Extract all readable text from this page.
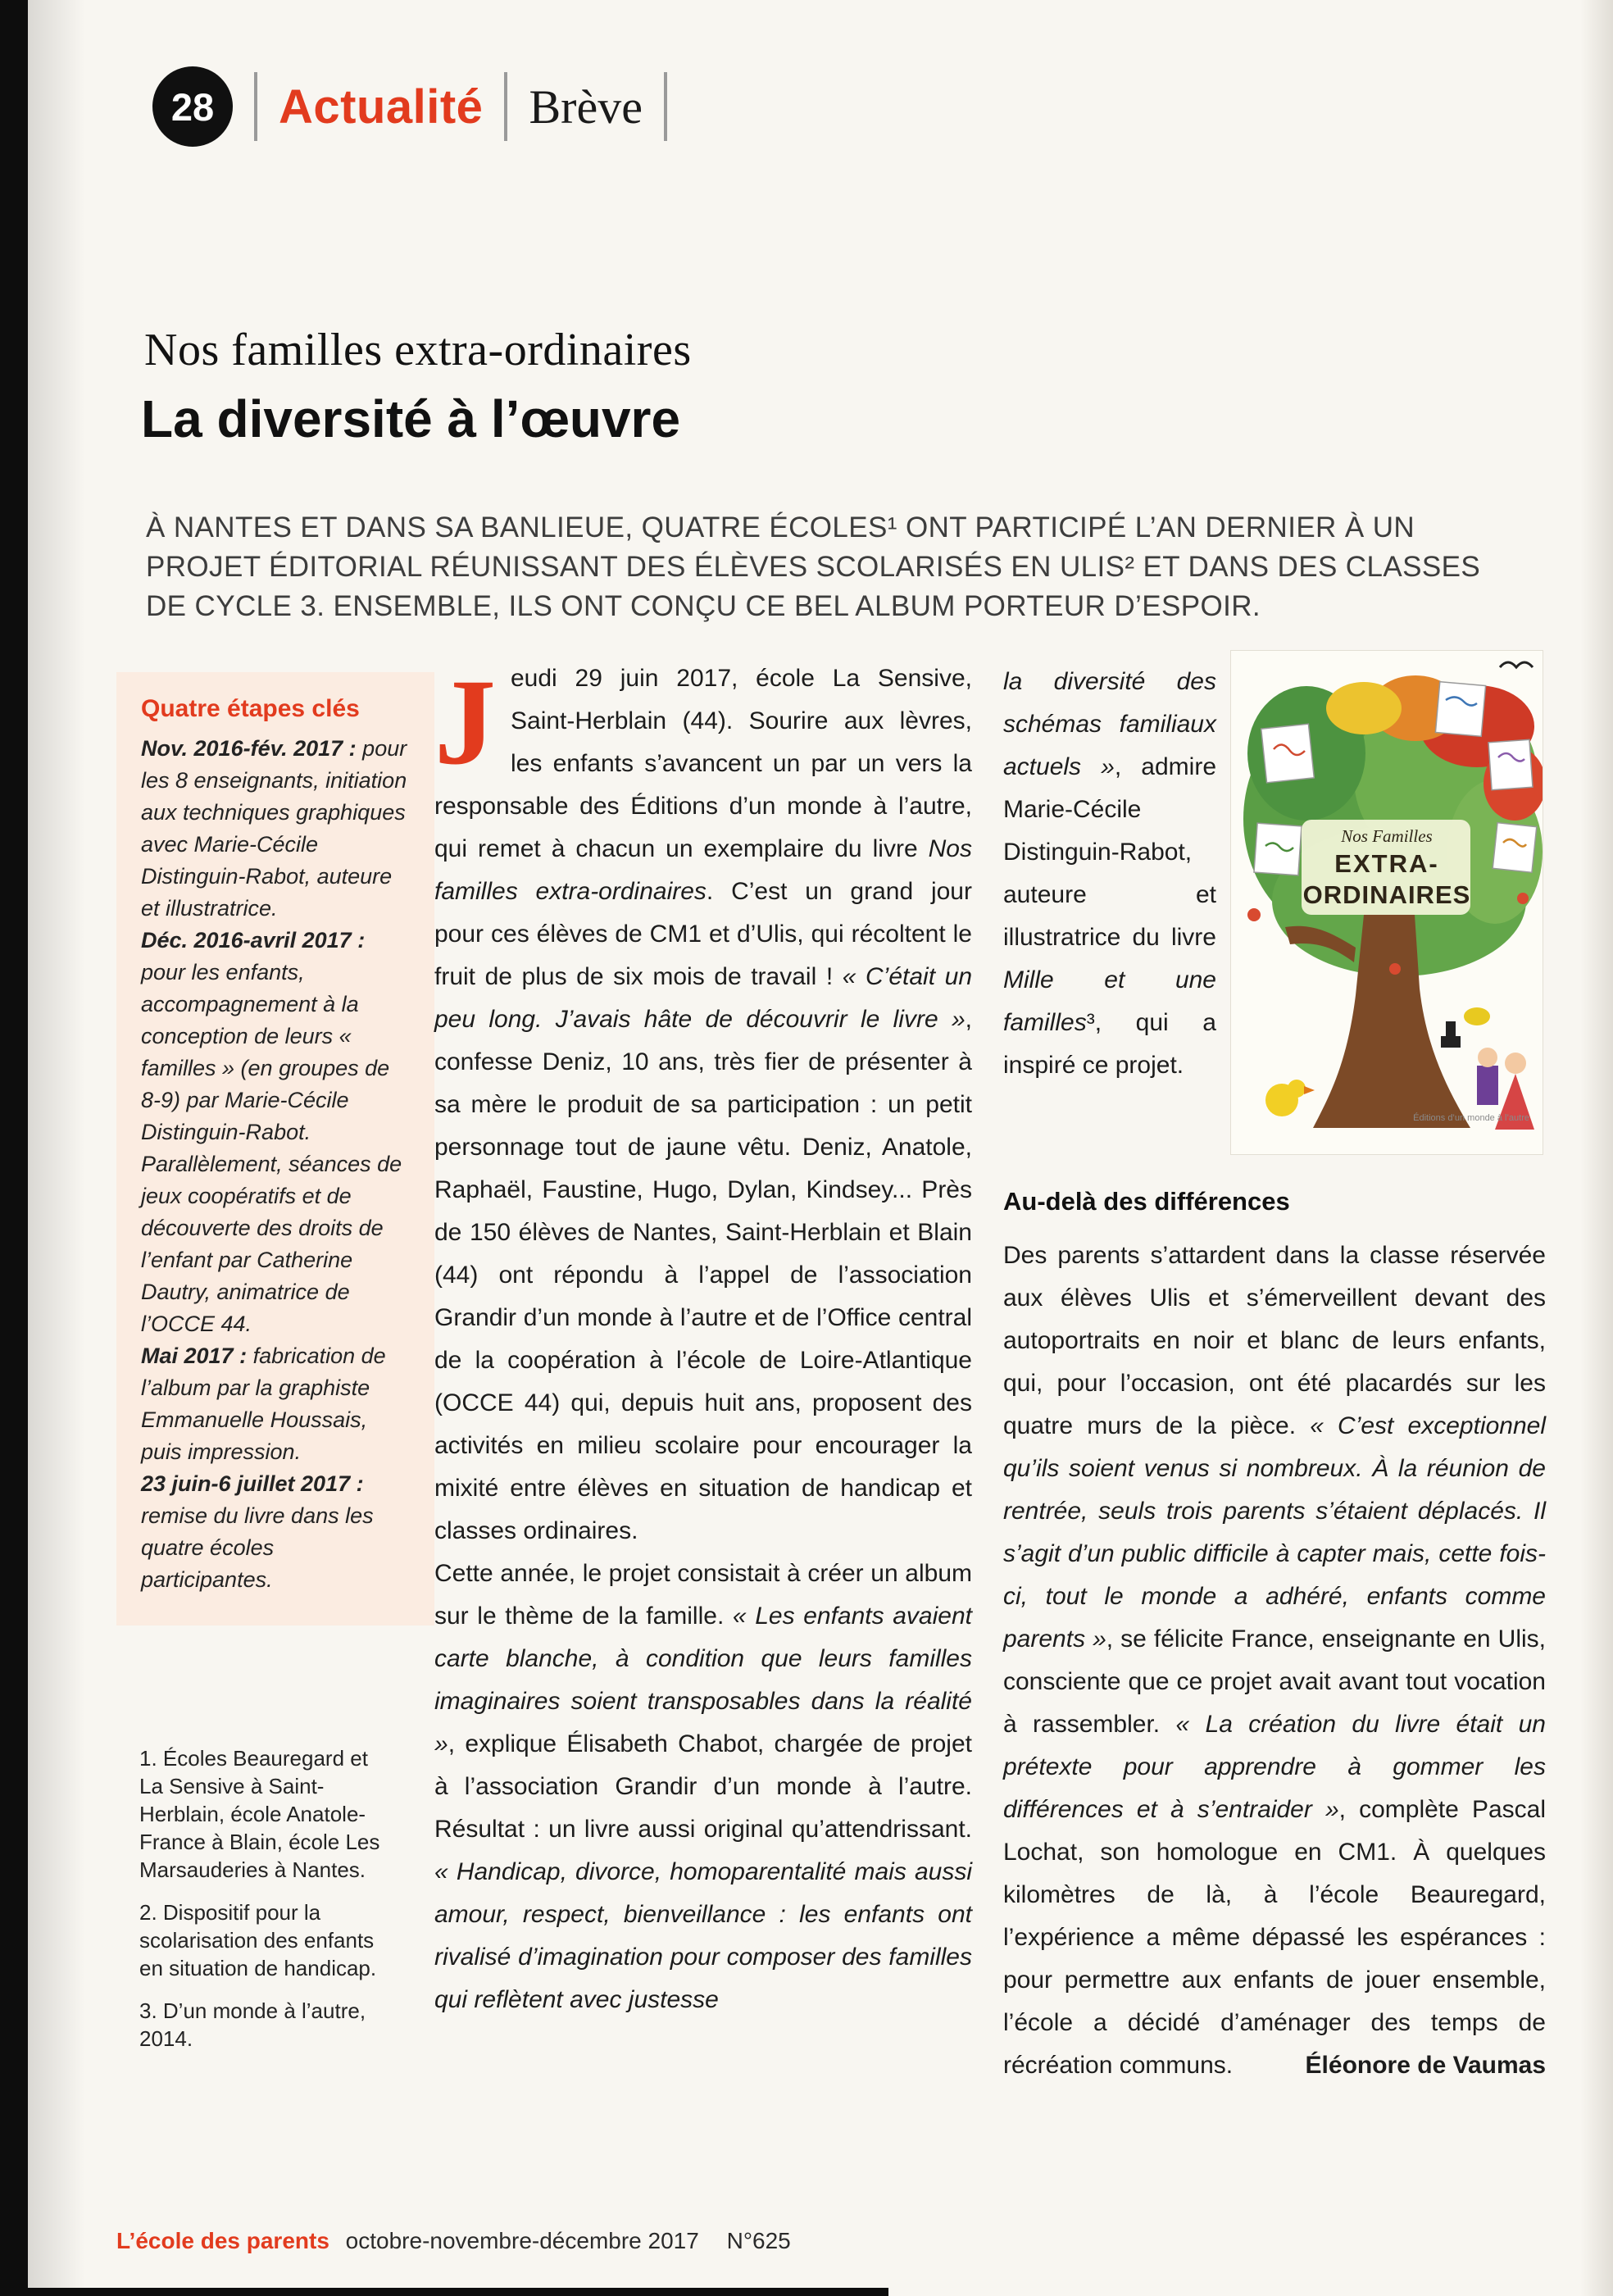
28	Actualité Brève
Nos familles extra-ordinaires
La diversité à l’œuvre
À NANTES ET DANS SA BANLIEUE, QUATRE ÉCOLES¹ ONT PARTICIPÉ L’AN DERNIER À UN PROJET ÉDITORIAL RÉUNISSANT DES ÉLÈVES SCOLARISÉS EN ULIS² ET DANS DES CLASSES DE CYCLE 3. ENSEMBLE, ILS ONT CONÇU CE BEL ALBUM PORTEUR D’ESPOIR.
Quatre étapes clés
Nov. 2016-fév. 2017 : pour les 8 enseignants, initiation aux techniques graphiques avec Marie-Cécile Distinguin-Rabot, auteure et illustratrice.
Déc. 2016-avril 2017 : pour les enfants, accompagnement à la conception de leurs « familles » (en groupes de 8-9) par Marie-Cécile Distinguin-Rabot. Parallèlement, séances de jeux coopératifs et de découverte des droits de l’enfant par Catherine Dautry, animatrice de l’OCCE 44.
Mai 2017 : fabrication de l’album par la graphiste Emmanuelle Houssais, puis impression.
23 juin-6 juillet 2017 : remise du livre dans les quatre écoles participantes.
1. Écoles Beauregard et La Sensive à Saint-Herblain, école Anatole-France à Blain, école Les Marsauderies à Nantes.
2. Dispositif pour la scolarisation des enfants en situation de handicap.
3. D’un monde à l’autre, 2014.

Jeudi 29 juin 2017, école La Sensive, Saint-Herblain (44). Sourire aux lèvres, les enfants s’avancent un par un vers la responsable des Éditions d’un monde à l’autre, qui remet à chacun un exemplaire du livre Nos familles extra-ordinaires. C’est un grand jour pour ces élèves de CM1 et d’Ulis, qui récoltent le fruit de plus de six mois de travail ! « C’était un peu long. J’avais hâte de découvrir le livre », confesse Deniz, 10 ans, très fier de présenter à sa mère le produit de sa participation : un petit personnage tout de jaune vêtu. Deniz, Anatole, Raphaël, Faustine, Hugo, Dylan, Kindsey... Près de 150 élèves de Nantes, Saint-Herblain et Blain (44) ont répondu à l’appel de l’association Grandir d’un monde à l’autre et de l’Office central de la coopération à l’école de Loire-Atlantique (OCCE 44) qui, depuis huit ans, proposent des activités en milieu scolaire pour encourager la mixité entre élèves en situation de handicap et classes ordinaires.

Cette année, le projet consistait à créer un album sur le thème de la famille. « Les enfants avaient carte blanche, à condition que leurs familles imaginaires soient transposables dans la réalité », explique Élisabeth Chabot, chargée de projet à l’association Grandir d’un monde à l’autre. Résultat : un livre aussi original qu’attendrissant. « Handicap, divorce, homoparentalité mais aussi amour, respect, bienveillance : les enfants ont rivalisé d’imagination pour composer des familles qui reflètent avec justesse

la diversité des schémas familiaux actuels », admire Marie-Cécile Distinguin-Rabot, auteure et illustratrice du livre Mille et une familles³, qui a inspiré ce projet.
Nos Familles
EXTRA-
ORDINAIRES
Éditions d’un monde à l’autre
Au-delà des différences

Des parents s’attardent dans la classe réservée aux élèves Ulis et s’émerveillent devant des autoportraits en noir et blanc de leurs enfants, qui, pour l’occasion, ont été placardés sur les quatre murs de la pièce. « C’est exceptionnel qu’ils soient venus si nombreux. À la réunion de rentrée, seuls trois parents s’étaient déplacés. Il s’agit d’un public difficile à capter mais, cette fois-ci, tout le monde a adhéré, enfants comme parents », se félicite France, enseignante en Ulis, consciente que ce projet avait avant tout vocation à rassembler. « La création du livre était un prétexte pour apprendre à gommer les différences et à s’entraider », complète Pascal Lochat, son homologue en CM1. À quelques kilomètres de là, à l’école Beauregard, l’expérience a même dépassé les espérances : pour permettre aux enfants de jouer ensemble, l’école a décidé d’aménager des temps de récréation communs.	Éléonore de Vaumas

L’école des parents octobre-novembre-décembre 2017 N°625
